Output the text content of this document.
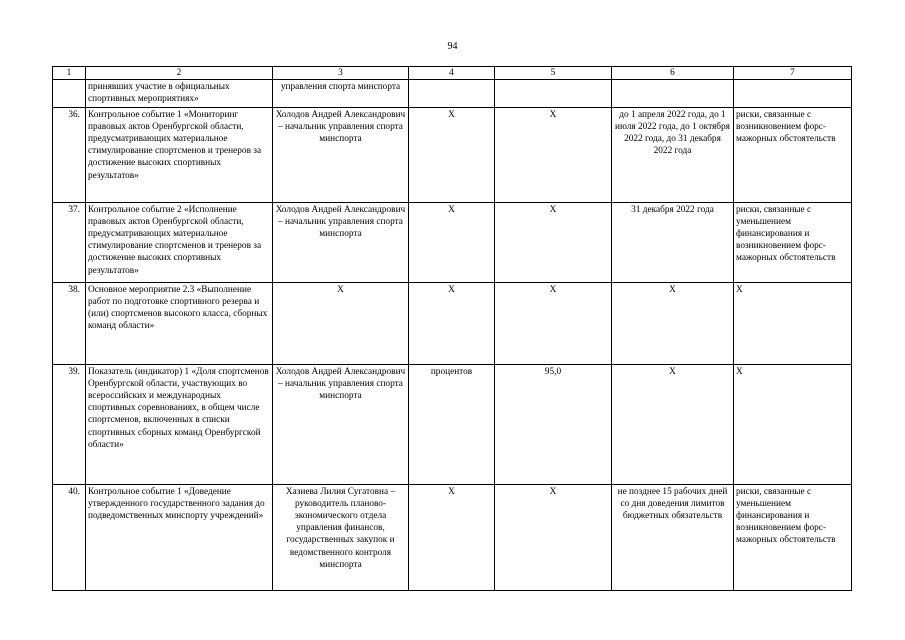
94
1	2	3	4	5	6	7
	принявших участие в официальных спортивных мероприятиях»	управления спорта минспорта				
36.	Контрольное событие 1 «Мониторинг правовых актов Оренбургской области, предусматривающих материальное стимулирование спортсменов и тренеров за достижение высоких спортивных результатов»	Холодов Андрей Александрович – начальник управления спорта минспорта	Х	Х	до 1 апреля 2022 года, до 1 июля 2022 года, до 1 октября 2022 года, до 31 декабря 2022 года	риски, связанные с возникновением форс-мажорных обстоятельств
37.	Контрольное событие 2 «Исполнение правовых актов Оренбургской области, предусматривающих материальное стимулирование спортсменов и тренеров за достижение высоких спортивных результатов»	Холодов Андрей Александрович – начальник управления спорта минспорта	Х	Х	31 декабря 2022 года	риски, связанные с уменьшением финансирования и возникновением форс-мажорных обстоятельств
38.	Основное мероприятие 2.3 «Выполнение работ по подготовке спортивного резерва и (или) спортсменов высокого класса, сборных команд области»	Х	Х	Х	Х	Х
39.	Показатель (индикатор) 1 «Доля спортсменов Оренбургской области, участвующих во всероссийских и международных спортивных соревнованиях, в общем числе спортсменов, включенных в списки спортивных сборных команд Оренбургской области»	Холодов Андрей Александрович – начальник управления спорта минспорта	процентов	95,0	Х	Х
40.	Контрольное событие 1 «Доведение утвержденного государственного задания до подведомственных минспорту учреждений»	Хазиева Лилия Сугатовна – руководитель планово-экономического отдела управления финансов, государственных закупок и ведомственного контроля минспорта	Х	Х	не позднее 15 рабочих дней со дня доведения лимитов бюджетных обязательств	риски, связанные с уменьшением финансирования и возникновением форс-мажорных обстоятельств
